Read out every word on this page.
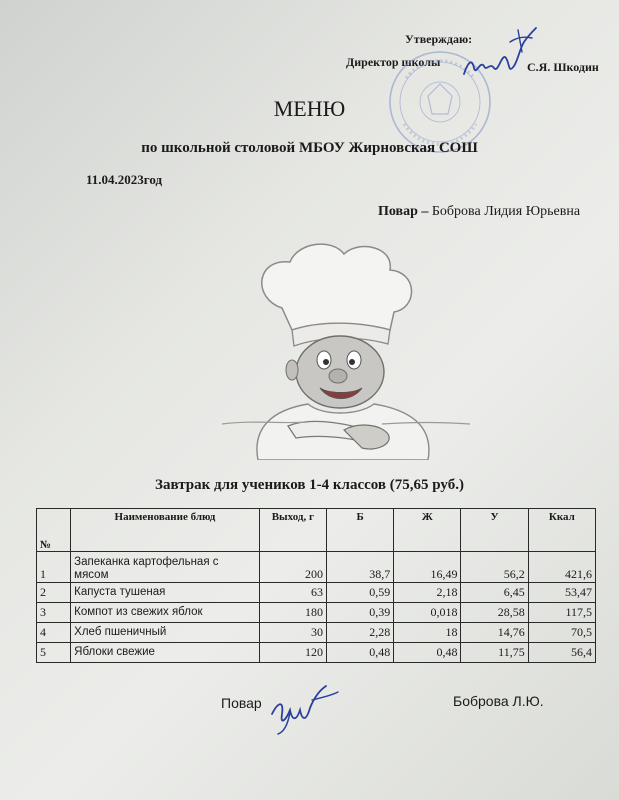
Утверждаю:
Директор школы	С.Я. Шкодин
МЕНЮ
по школьной столовой МБОУ Жирновская СОШ
11.04.2023год
Повар – Боброва Лидия Юрьевна
Завтрак для учеников 1-4 классов (75,65 руб.)
№	Наименование блюд	Выход, г	Б	Ж	У	Ккал
1	Запеканка картофельная с мясом	200	38,7	16,49	56,2	421,6
2	Капуста тушеная	63	0,59	2,18	6,45	53,47
3	Компот из свежих яблок	180	0,39	0,018	28,58	117,5
4	Хлеб пшеничный	30	2,28	18	14,76	70,5
5	Яблоки свежие	120	0,48	0,48	11,75	56,4
Повар	Боброва Л.Ю.
